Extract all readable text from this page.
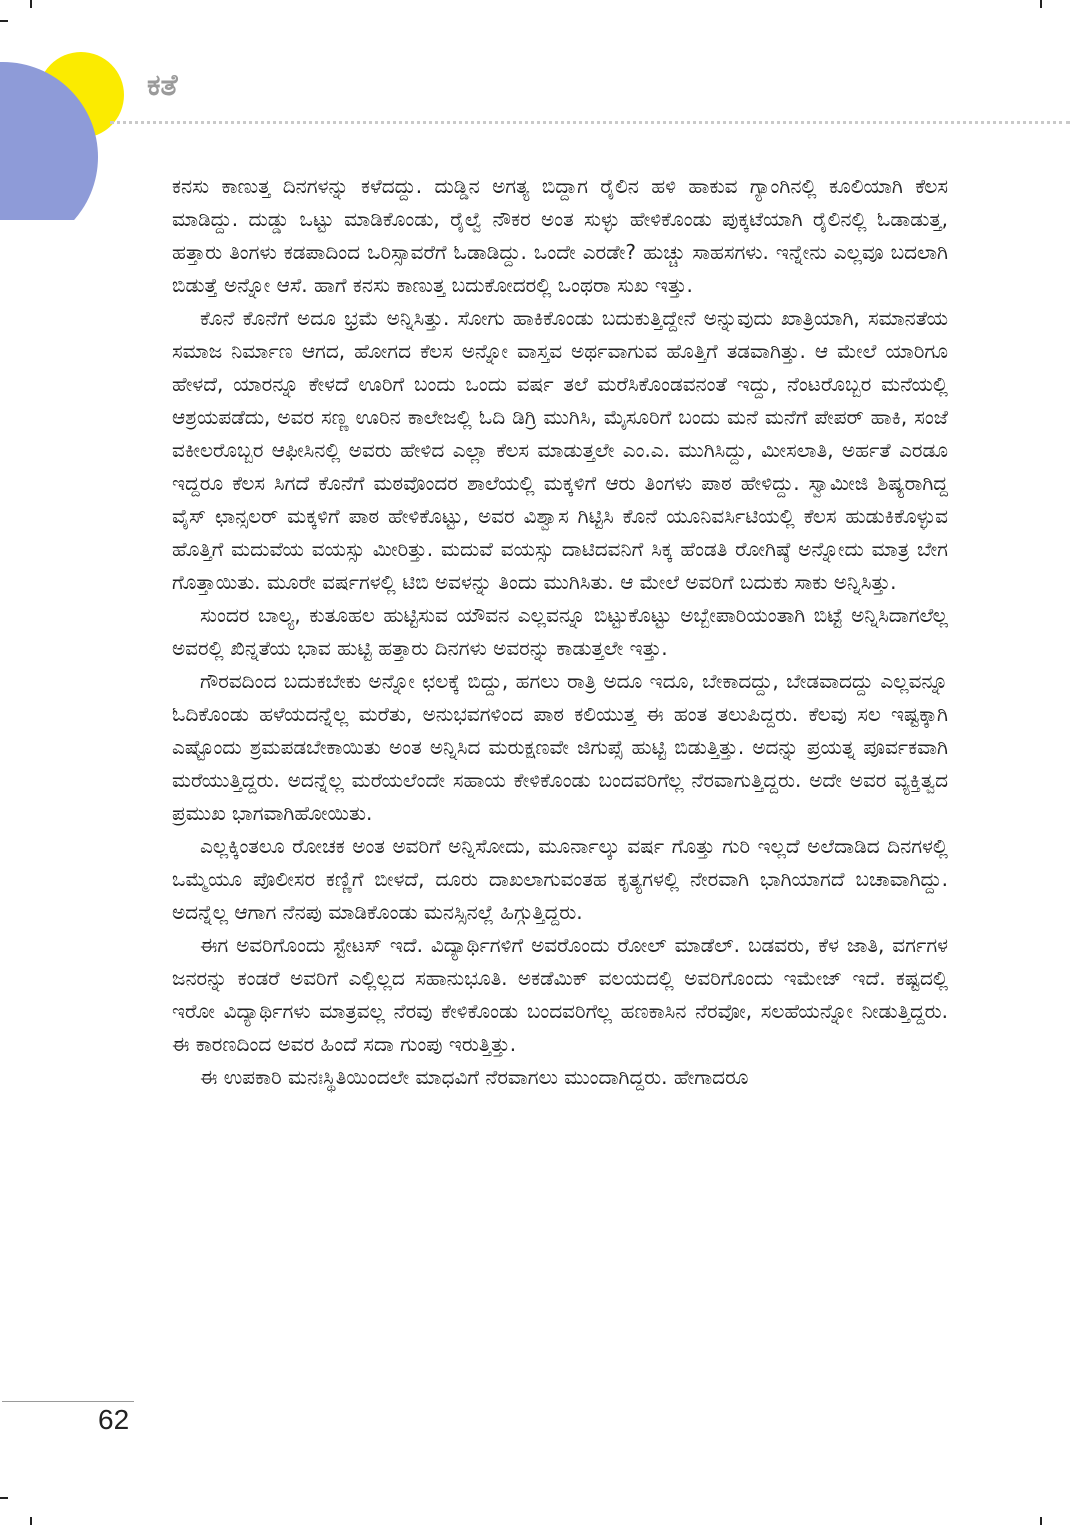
ಕತೆ

ಕನಸು ಕಾಣುತ್ತ ದಿನಗಳನ್ನು ಕಳೆದದ್ದು. ದುಡ್ಡಿನ ಅಗತ್ಯ ಬಿದ್ದಾಗ ರೈಲಿನ ಹಳಿ ಹಾಕುವ ಗ್ಯಾಂಗಿನಲ್ಲಿ ಕೂಲಿಯಾಗಿ ಕೆಲಸ ಮಾಡಿದ್ದು. ದುಡ್ಡು ಒಟ್ಟು ಮಾಡಿಕೊಂಡು, ರೈಲ್ವೆ ನೌಕರ ಅಂತ ಸುಳ್ಳು ಹೇಳಿಕೊಂಡು ಪುಕ್ಕಟೆಯಾಗಿ ರೈಲಿನಲ್ಲಿ ಓಡಾಡುತ್ತ, ಹತ್ತಾರು ತಿಂಗಳು ಕಡಪಾದಿಂದ ಒರಿಸ್ಸಾವರೆಗೆ ಓಡಾಡಿದ್ದು. ಒಂದೇ ಎರಡೇ? ಹುಚ್ಚು ಸಾಹಸಗಳು. ಇನ್ನೇನು ಎಲ್ಲವೂ ಬದಲಾಗಿ ಬಿಡುತ್ತೆ ಅನ್ನೋ ಆಸೆ. ಹಾಗೆ ಕನಸು ಕಾಣುತ್ತ ಬದುಕೋದರಲ್ಲಿ ಒಂಥರಾ ಸುಖ ಇತ್ತು.

ಕೊನೆ ಕೊನೆಗೆ ಅದೂ ಭ್ರಮೆ ಅನ್ನಿಸಿತ್ತು. ಸೋಗು ಹಾಕಿಕೊಂಡು ಬದುಕುತ್ತಿದ್ದೇನೆ ಅನ್ನುವುದು ಖಾತ್ರಿಯಾಗಿ, ಸಮಾನತೆಯ ಸಮಾಜ ನಿರ್ಮಾಣ ಆಗದ, ಹೋಗದ ಕೆಲಸ ಅನ್ನೋ ವಾಸ್ತವ ಅರ್ಥವಾಗುವ ಹೊತ್ತಿಗೆ ತಡವಾಗಿತ್ತು. ಆ ಮೇಲೆ ಯಾರಿಗೂ ಹೇಳದೆ, ಯಾರನ್ನೂ ಕೇಳದೆ ಊರಿಗೆ ಬಂದು ಒಂದು ವರ್ಷ ತಲೆ ಮರೆಸಿಕೊಂಡವನಂತೆ ಇದ್ದು, ನೆಂಟರೊಬ್ಬರ ಮನೆಯಲ್ಲಿ ಆಶ್ರಯಪಡೆದು, ಅವರ ಸಣ್ಣ ಊರಿನ ಕಾಲೇಜಲ್ಲಿ ಓದಿ ಡಿಗ್ರಿ ಮುಗಿಸಿ, ಮೈಸೂರಿಗೆ ಬಂದು ಮನೆ ಮನೆಗೆ ಪೇಪರ್ ಹಾಕಿ, ಸಂಜೆ ವಕೀಲರೊಬ್ಬರ ಆಫೀಸಿನಲ್ಲಿ ಅವರು ಹೇಳಿದ ಎಲ್ಲಾ ಕೆಲಸ ಮಾಡುತ್ತಲೇ ಎಂ.ಎ. ಮುಗಿಸಿದ್ದು, ಮೀಸಲಾತಿ, ಅರ್ಹತೆ ಎರಡೂ ಇದ್ದರೂ ಕೆಲಸ ಸಿಗದೆ ಕೊನೆಗೆ ಮಠವೊಂದರ ಶಾಲೆಯಲ್ಲಿ ಮಕ್ಕಳಿಗೆ ಆರು ತಿಂಗಳು ಪಾಠ ಹೇಳಿದ್ದು. ಸ್ವಾಮೀಜಿ ಶಿಷ್ಯರಾಗಿದ್ದ ವೈಸ್ ಛಾನ್ಸಲರ್ ಮಕ್ಕಳಿಗೆ ಪಾಠ ಹೇಳಿಕೊಟ್ಟು, ಅವರ ವಿಶ್ವಾಸ ಗಿಟ್ಟಿಸಿ ಕೊನೆ ಯೂನಿವರ್ಸಿಟಿಯಲ್ಲಿ ಕೆಲಸ ಹುಡುಕಿಕೊಳ್ಳುವ ಹೊತ್ತಿಗೆ ಮದುವೆಯ ವಯಸ್ಸು ಮೀರಿತ್ತು. ಮದುವೆ ವಯಸ್ಸು ದಾಟಿದವನಿಗೆ ಸಿಕ್ಕ ಹೆಂಡತಿ ರೋಗಿಷ್ಠೆ ಅನ್ನೋದು ಮಾತ್ರ ಬೇಗ ಗೊತ್ತಾಯಿತು. ಮೂರೇ ವರ್ಷಗಳಲ್ಲಿ ಟಿಬಿ ಅವಳನ್ನು ತಿಂದು ಮುಗಿಸಿತು. ಆ ಮೇಲೆ ಅವರಿಗೆ ಬದುಕು ಸಾಕು ಅನ್ನಿಸಿತ್ತು.

ಸುಂದರ ಬಾಲ್ಯ, ಕುತೂಹಲ ಹುಟ್ಟಿಸುವ ಯೌವನ ಎಲ್ಲವನ್ನೂ ಬಿಟ್ಟುಕೊಟ್ಟು ಅಬ್ಬೇಪಾರಿಯಂತಾಗಿ ಬಿಟ್ಟೆ ಅನ್ನಿಸಿದಾಗಲೆಲ್ಲ ಅವರಲ್ಲಿ ಖಿನ್ನತೆಯ ಭಾವ ಹುಟ್ಟಿ ಹತ್ತಾರು ದಿನಗಳು ಅವರನ್ನು ಕಾಡುತ್ತಲೇ ಇತ್ತು.

ಗೌರವದಿಂದ ಬದುಕಬೇಕು ಅನ್ನೋ ಛಲಕ್ಕೆ ಬಿದ್ದು, ಹಗಲು ರಾತ್ರಿ ಅದೂ ಇದೂ, ಬೇಕಾದದ್ದು, ಬೇಡವಾದದ್ದು ಎಲ್ಲವನ್ನೂ ಓದಿಕೊಂಡು ಹಳೆಯದನ್ನೆಲ್ಲ ಮರೆತು, ಅನುಭವಗಳಿಂದ ಪಾಠ ಕಲಿಯುತ್ತ ಈ ಹಂತ ತಲುಪಿದ್ದರು. ಕೆಲವು ಸಲ ಇಷ್ಟಕ್ಕಾಗಿ ಎಷ್ಟೊಂದು ಶ್ರಮಪಡಬೇಕಾಯಿತು ಅಂತ ಅನ್ನಿಸಿದ ಮರುಕ್ಷಣವೇ ಜಿಗುಪ್ಸೆ ಹುಟ್ಟಿ ಬಿಡುತ್ತಿತ್ತು. ಅದನ್ನು ಪ್ರಯತ್ನ ಪೂರ್ವಕವಾಗಿ ಮರೆಯುತ್ತಿದ್ದರು. ಅದನ್ನೆಲ್ಲ ಮರೆಯಲೆಂದೇ ಸಹಾಯ ಕೇಳಿಕೊಂಡು ಬಂದವರಿಗೆಲ್ಲ ನೆರವಾಗುತ್ತಿದ್ದರು. ಅದೇ ಅವರ ವ್ಯಕ್ತಿತ್ವದ ಪ್ರಮುಖ ಭಾಗವಾಗಿಹೋಯಿತು.

ಎಲ್ಲಕ್ಕಿಂತಲೂ ರೋಚಕ ಅಂತ ಅವರಿಗೆ ಅನ್ನಿಸೋದು, ಮೂರ್ನಾಲ್ಕು ವರ್ಷ ಗೊತ್ತು ಗುರಿ ಇಲ್ಲದೆ ಅಲೆದಾಡಿದ ದಿನಗಳಲ್ಲಿ ಒಮ್ಮೆಯೂ ಪೊಲೀಸರ ಕಣ್ಣಿಗೆ ಬೀಳದೆ, ದೂರು ದಾಖಲಾಗುವಂತಹ ಕೃತ್ಯಗಳಲ್ಲಿ ನೇರವಾಗಿ ಭಾಗಿಯಾಗದೆ ಬಚಾವಾಗಿದ್ದು. ಅದನ್ನೆಲ್ಲ ಆಗಾಗ ನೆನಪು ಮಾಡಿಕೊಂಡು ಮನಸ್ಸಿನಲ್ಲೆ ಹಿಗ್ಗುತ್ತಿದ್ದರು.

ಈಗ ಅವರಿಗೊಂದು ಸ್ಟೇಟಸ್ ಇದೆ. ವಿದ್ಯಾರ್ಥಿಗಳಿಗೆ ಅವರೊಂದು ರೋಲ್ ಮಾಡೆಲ್. ಬಡವರು, ಕೆಳ ಜಾತಿ, ವರ್ಗಗಳ ಜನರನ್ನು ಕಂಡರೆ ಅವರಿಗೆ ಎಲ್ಲಿಲ್ಲದ ಸಹಾನುಭೂತಿ. ಅಕಡೆಮಿಕ್ ವಲಯದಲ್ಲಿ ಅವರಿಗೊಂದು ಇಮೇಜ್ ಇದೆ. ಕಷ್ಟದಲ್ಲಿ ಇರೋ ವಿದ್ಯಾರ್ಥಿಗಳು ಮಾತ್ರವಲ್ಲ ನೆರವು ಕೇಳಿಕೊಂಡು ಬಂದವರಿಗೆಲ್ಲ ಹಣಕಾಸಿನ ನೆರವೋ, ಸಲಹೆಯನ್ನೋ ನೀಡುತ್ತಿದ್ದರು. ಈ ಕಾರಣದಿಂದ ಅವರ ಹಿಂದೆ ಸದಾ ಗುಂಪು ಇರುತ್ತಿತ್ತು.

ಈ ಉಪಕಾರಿ ಮನಃಸ್ಥಿತಿಯಿಂದಲೇ ಮಾಧವಿಗೆ ನೆರವಾಗಲು ಮುಂದಾಗಿದ್ದರು. ಹೇಗಾದರೂ

62
